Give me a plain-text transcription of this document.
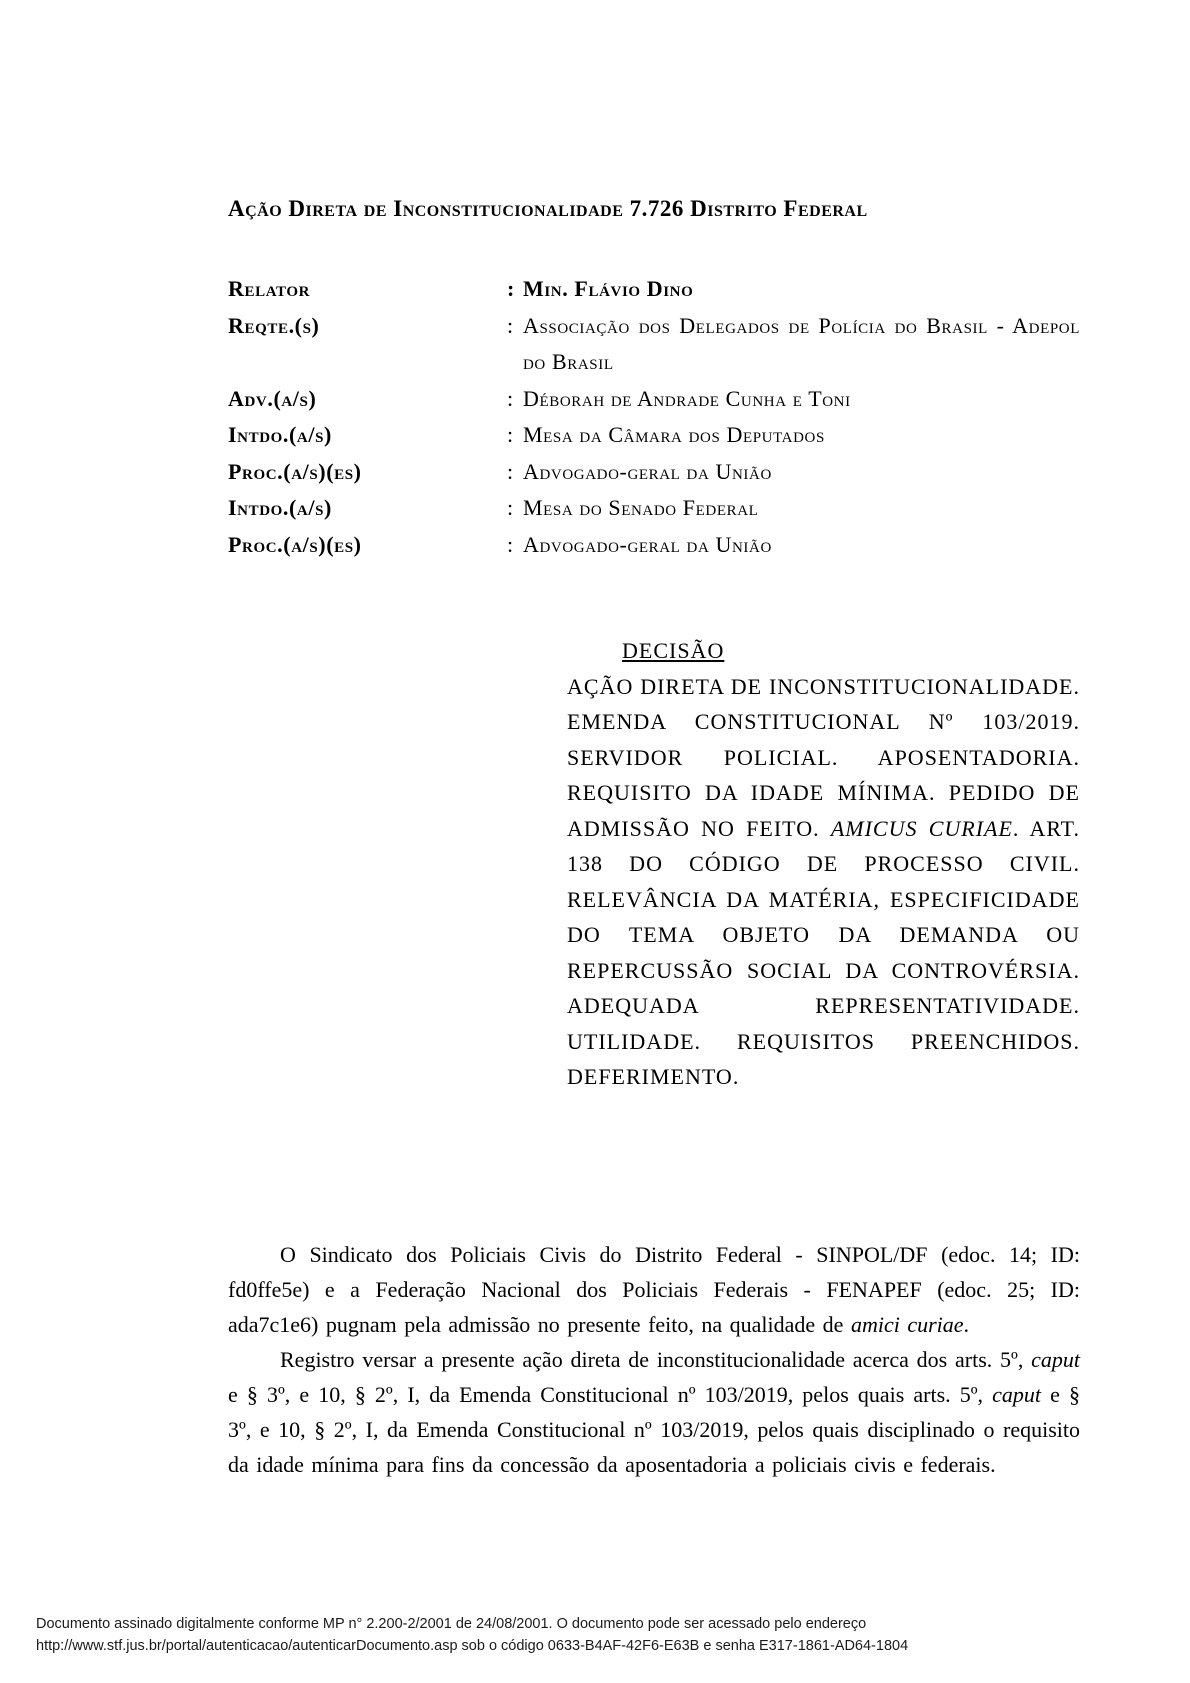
Ação Direta de Inconstitucionalidade 7.726 Distrito Federal
Relator	: Min. Flávio Dino
Reqte.(s)	: Associação dos Delegados de Polícia do Brasil - Adepol do Brasil
Adv.(a/s)	: Déborah de Andrade Cunha e Toni
Intdo.(a/s)	: Mesa da Câmara dos Deputados
Proc.(a/s)(es)	: Advogado-geral da União
Intdo.(a/s)	: Mesa do Senado Federal
Proc.(a/s)(es)	: Advogado-geral da União
DECISÃO
AÇÃO DIRETA DE INCONSTITUCIONALIDADE. EMENDA CONSTITUCIONAL Nº 103/2019. SERVIDOR POLICIAL. APOSENTADORIA. REQUISITO DA IDADE MÍNIMA. PEDIDO DE ADMISSÃO NO FEITO. AMICUS CURIAE. ART. 138 DO CÓDIGO DE PROCESSO CIVIL. RELEVÂNCIA DA MATÉRIA, ESPECIFICIDADE DO TEMA OBJETO DA DEMANDA OU REPERCUSSÃO SOCIAL DA CONTROVÉRSIA. ADEQUADA REPRESENTATIVIDADE. UTILIDADE. REQUISITOS PREENCHIDOS. DEFERIMENTO.

O Sindicato dos Policiais Civis do Distrito Federal - SINPOL/DF (edoc. 14; ID: fd0ffe5e) e a Federação Nacional dos Policiais Federais - FENAPEF (edoc. 25; ID: ada7c1e6) pugnam pela admissão no presente feito, na qualidade de amici curiae.

Registro versar a presente ação direta de inconstitucionalidade acerca dos arts. 5º, caput e § 3º, e 10, § 2º, I, da Emenda Constitucional nº 103/2019, pelos quais arts. 5º, caput e § 3º, e 10, § 2º, I, da Emenda Constitucional nº 103/2019, pelos quais disciplinado o requisito da idade mínima para fins da concessão da aposentadoria a policiais civis e federais.

Documento assinado digitalmente conforme MP n° 2.200-2/2001 de 24/08/2001. O documento pode ser acessado pelo endereço
http://www.stf.jus.br/portal/autenticacao/autenticarDocumento.asp sob o código 0633-B4AF-42F6-E63B e senha E317-1861-AD64-1804
